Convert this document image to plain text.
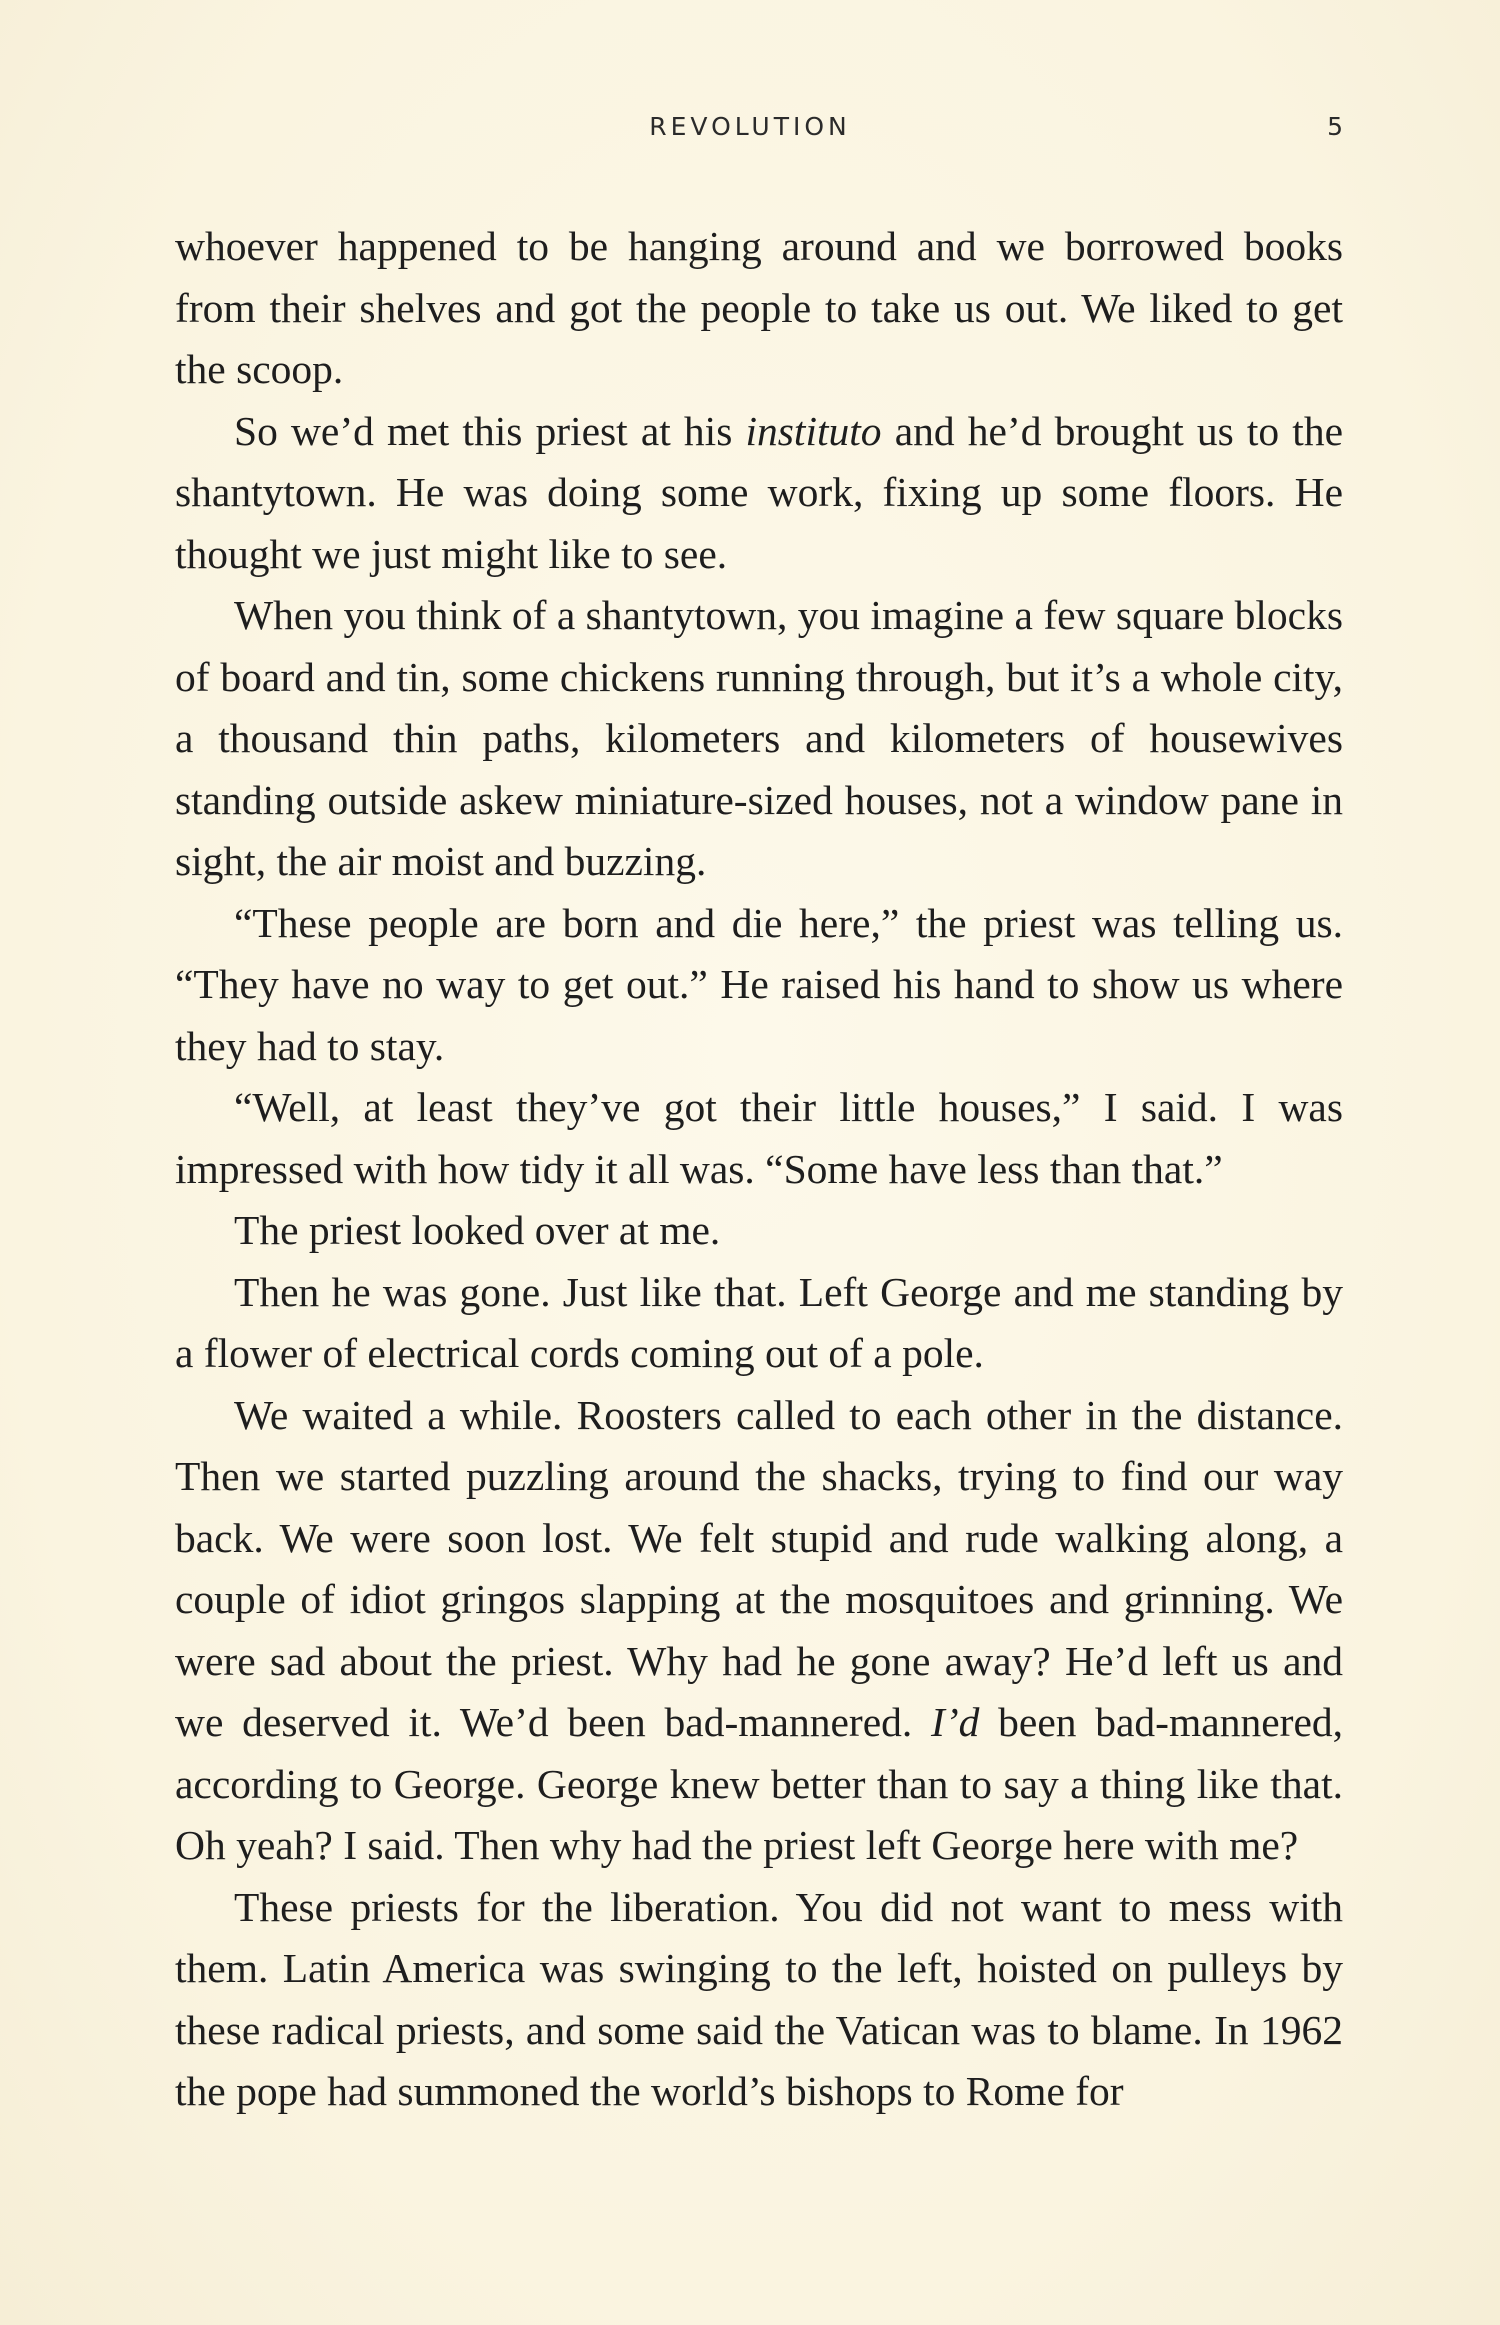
REVOLUTION	5

whoever happened to be hanging around and we borrowed books from their shelves and got the people to take us out. We liked to get the scoop.

So we’d met this priest at his instituto and he’d brought us to the shantytown. He was doing some work, fixing up some floors. He thought we just might like to see.

When you think of a shantytown, you imagine a few square blocks of board and tin, some chickens running through, but it’s a whole city, a thousand thin paths, kilometers and kilometers of housewives standing outside askew miniature-sized houses, not a window pane in sight, the air moist and buzzing.

“These people are born and die here,” the priest was telling us. “They have no way to get out.” He raised his hand to show us where they had to stay.

“Well, at least they’ve got their little houses,” I said. I was impressed with how tidy it all was. “Some have less than that.”

The priest looked over at me.

Then he was gone. Just like that. Left George and me standing by a flower of electrical cords coming out of a pole.

We waited a while. Roosters called to each other in the distance. Then we started puzzling around the shacks, trying to find our way back. We were soon lost. We felt stupid and rude walking along, a couple of idiot gringos slapping at the mosquitoes and grinning. We were sad about the priest. Why had he gone away? He’d left us and we deserved it. We’d been bad-mannered. I’d been bad-mannered, according to George. George knew better than to say a thing like that. Oh yeah? I said. Then why had the priest left George here with me?

These priests for the liberation. You did not want to mess with them. Latin America was swinging to the left, hoisted on pulleys by these radical priests, and some said the Vatican was to blame. In 1962 the pope had summoned the world’s bishops to Rome for
